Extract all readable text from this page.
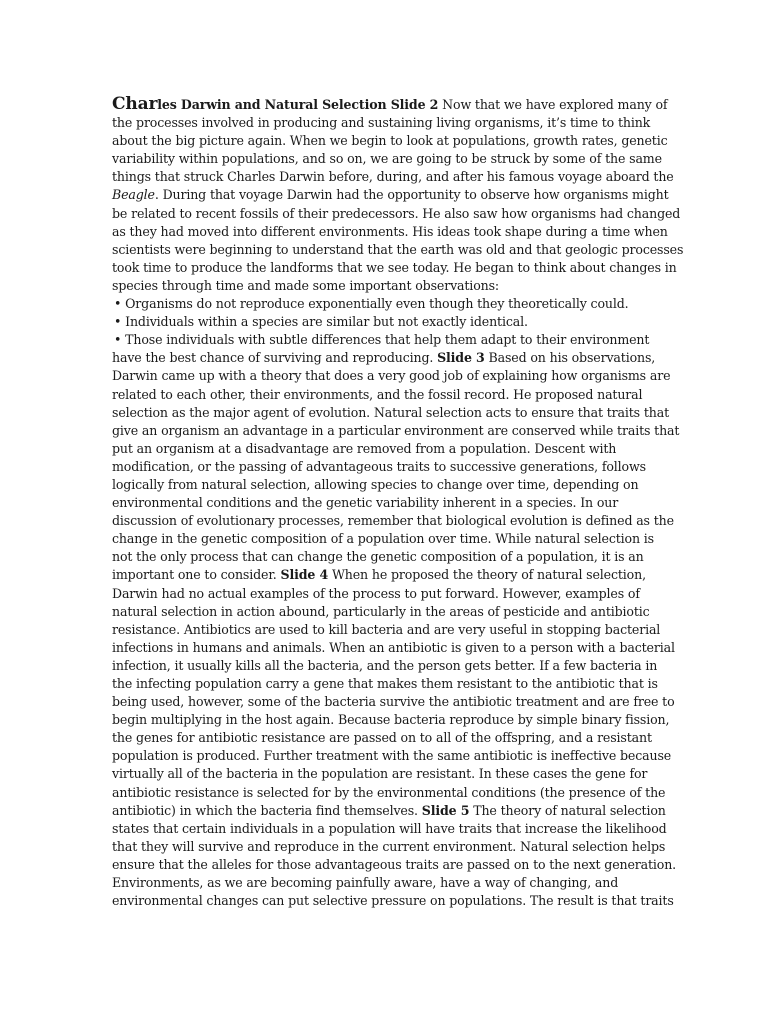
Charles Darwin and Natural Selection Slide 2 Now that we have explored many of
the processes involved in producing and sustaining living organisms, it’s time to think
about the big picture again. When we begin to look at populations, growth rates, genetic
variability within populations, and so on, we are going to be struck by some of the same
things that struck Charles Darwin before, during, and after his famous voyage aboard the
Beagle. During that voyage Darwin had the opportunity to observe how organisms might
be related to recent fossils of their predecessors. He also saw how organisms had changed
as they had moved into different environments. His ideas took shape during a time when
scientists were beginning to understand that the earth was old and that geologic processes
took time to produce the landforms that we see today. He began to think about changes in
species through time and made some important observations:
• Organisms do not reproduce exponentially even though they theoretically could.
• Individuals within a species are similar but not exactly identical.
• Those individuals with subtle differences that help them adapt to their environment
have the best chance of surviving and reproducing. Slide 3 Based on his observations,
Darwin came up with a theory that does a very good job of explaining how organisms are
related to each other, their environments, and the fossil record. He proposed natural
selection as the major agent of evolution. Natural selection acts to ensure that traits that
give an organism an advantage in a particular environment are conserved while traits that
put an organism at a disadvantage are removed from a population. Descent with
modification, or the passing of advantageous traits to successive generations, follows
logically from natural selection, allowing species to change over time, depending on
environmental conditions and the genetic variability inherent in a species. In our
discussion of evolutionary processes, remember that biological evolution is defined as the
change in the genetic composition of a population over time. While natural selection is
not the only process that can change the genetic composition of a population, it is an
important one to consider. Slide 4 When he proposed the theory of natural selection,
Darwin had no actual examples of the process to put forward. However, examples of
natural selection in action abound, particularly in the areas of pesticide and antibiotic
resistance. Antibiotics are used to kill bacteria and are very useful in stopping bacterial
infections in humans and animals. When an antibiotic is given to a person with a bacterial
infection, it usually kills all the bacteria, and the person gets better. If a few bacteria in
the infecting population carry a gene that makes them resistant to the antibiotic that is
being used, however, some of the bacteria survive the antibiotic treatment and are free to
begin multiplying in the host again. Because bacteria reproduce by simple binary fission,
the genes for antibiotic resistance are passed on to all of the offspring, and a resistant
population is produced. Further treatment with the same antibiotic is ineffective because
virtually all of the bacteria in the population are resistant. In these cases the gene for
antibiotic resistance is selected for by the environmental conditions (the presence of the
antibiotic) in which the bacteria find themselves. Slide 5 The theory of natural selection
states that certain individuals in a population will have traits that increase the likelihood
that they will survive and reproduce in the current environment. Natural selection helps
ensure that the alleles for those advantageous traits are passed on to the next generation.
Environments, as we are becoming painfully aware, have a way of changing, and
environmental changes can put selective pressure on populations. The result is that traits
